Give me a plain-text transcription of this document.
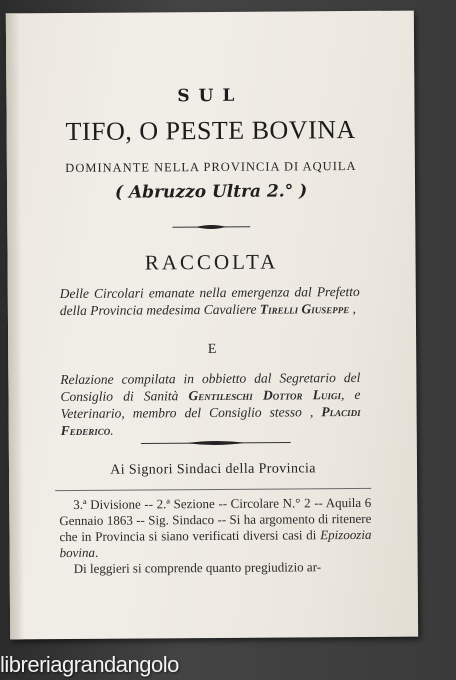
SUL
TIFO, O PESTE BOVINA
DOMINANTE NELLA PROVINCIA DI AQUILA
( Abruzzo Ultra 2.° )
RACCOLTA
Delle Circolari emanate nella emergenza dal Prefetto della Provincia medesima Cavaliere Tirelli Giuseppe ,
E
Relazione compilata in obbietto dal Segretario del Consiglio di Sanità Gentileschi Dottor Luigi, e Veterinario, membro del Consiglio stesso , Placidi Federico.
Ai Signori Sindaci della Provincia

3.ª Divisione -- 2.ª Sezione -- Circolare N.° 2 -- Aquila 6 Gennaio 1863 -- Sig. Sindaco -- Si ha argomento di ritenere che in Provincia si siano verificati diversi casi di Epizoozia bovina.

Di leggieri si comprende quanto pregiudizio ar-

libreriagrandangolo
